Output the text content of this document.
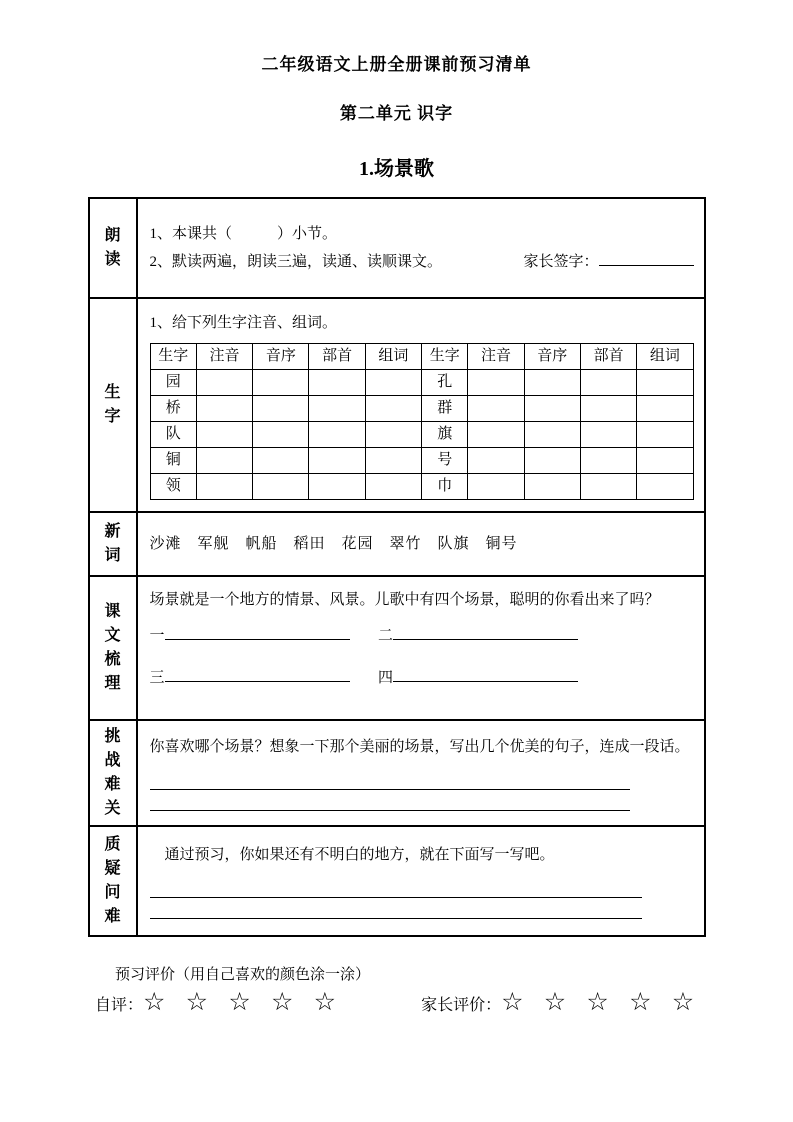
二年级语文上册全册课前预习清单
第二单元 识字
1.场景歌
朗读

1、本课共（　　　）小节。
2、默读两遍，朗读三遍，读通、读顺课文。	家长签字：

生字

1、给下列生字注音、组词。
生字	注音	音序	部首	组词	生字	注音	音序	部首	组词
园					孔				
桥					群				
队					旗				
铜					号				
领					巾				

新词

沙滩　军舰　帆船　稻田　花园　翠竹　队旗　铜号

课文梳理

场景就是一个地方的情景、风景。儿歌中有四个场景，聪明的你看出来了吗？
一	二
三	四

挑战难关

你喜欢哪个场景？想象一下那个美丽的场景，写出几个优美的句子，连成一段话。

质疑问难

通过预习，你如果还有不明白的地方，就在下面写一写吧。
预习评价（用自己喜欢的颜色涂一涂）
自评： ☆ ☆ ☆ ☆ ☆	家长评价： ☆ ☆ ☆ ☆ ☆
